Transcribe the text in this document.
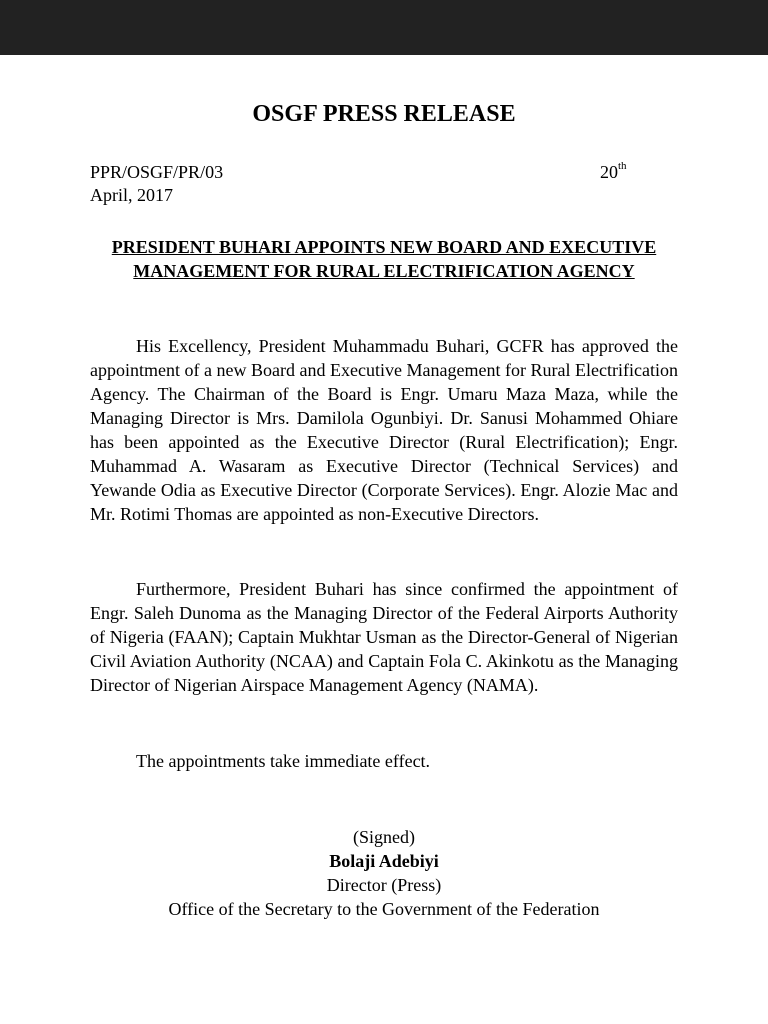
OSGF PRESS RELEASE
PPR/OSGF/PR/03	20th
April, 2017
PRESIDENT BUHARI APPOINTS NEW BOARD AND EXECUTIVE MANAGEMENT FOR RURAL ELECTRIFICATION AGENCY

His Excellency, President Muhammadu Buhari, GCFR has approved the appointment of a new Board and Executive Management for Rural Electrification Agency. The Chairman of the Board is Engr. Umaru Maza Maza, while the Managing Director is Mrs. Damilola Ogunbiyi. Dr. Sanusi Mohammed Ohiare has been appointed as the Executive Director (Rural Electrification); Engr. Muhammad A. Wasaram as Executive Director (Technical Services) and Yewande Odia as Executive Director (Corporate Services). Engr. Alozie Mac and Mr. Rotimi Thomas are appointed as non-Executive Directors.

Furthermore, President Buhari has since confirmed the appointment of Engr. Saleh Dunoma as the Managing Director of the Federal Airports Authority of Nigeria (FAAN); Captain Mukhtar Usman as the Director-General of Nigerian Civil Aviation Authority (NCAA) and Captain Fola C. Akinkotu as the Managing Director of Nigerian Airspace Management Agency (NAMA).

The appointments take immediate effect.

(Signed)
Bolaji Adebiyi
Director (Press)
Office of the Secretary to the Government of the Federation
